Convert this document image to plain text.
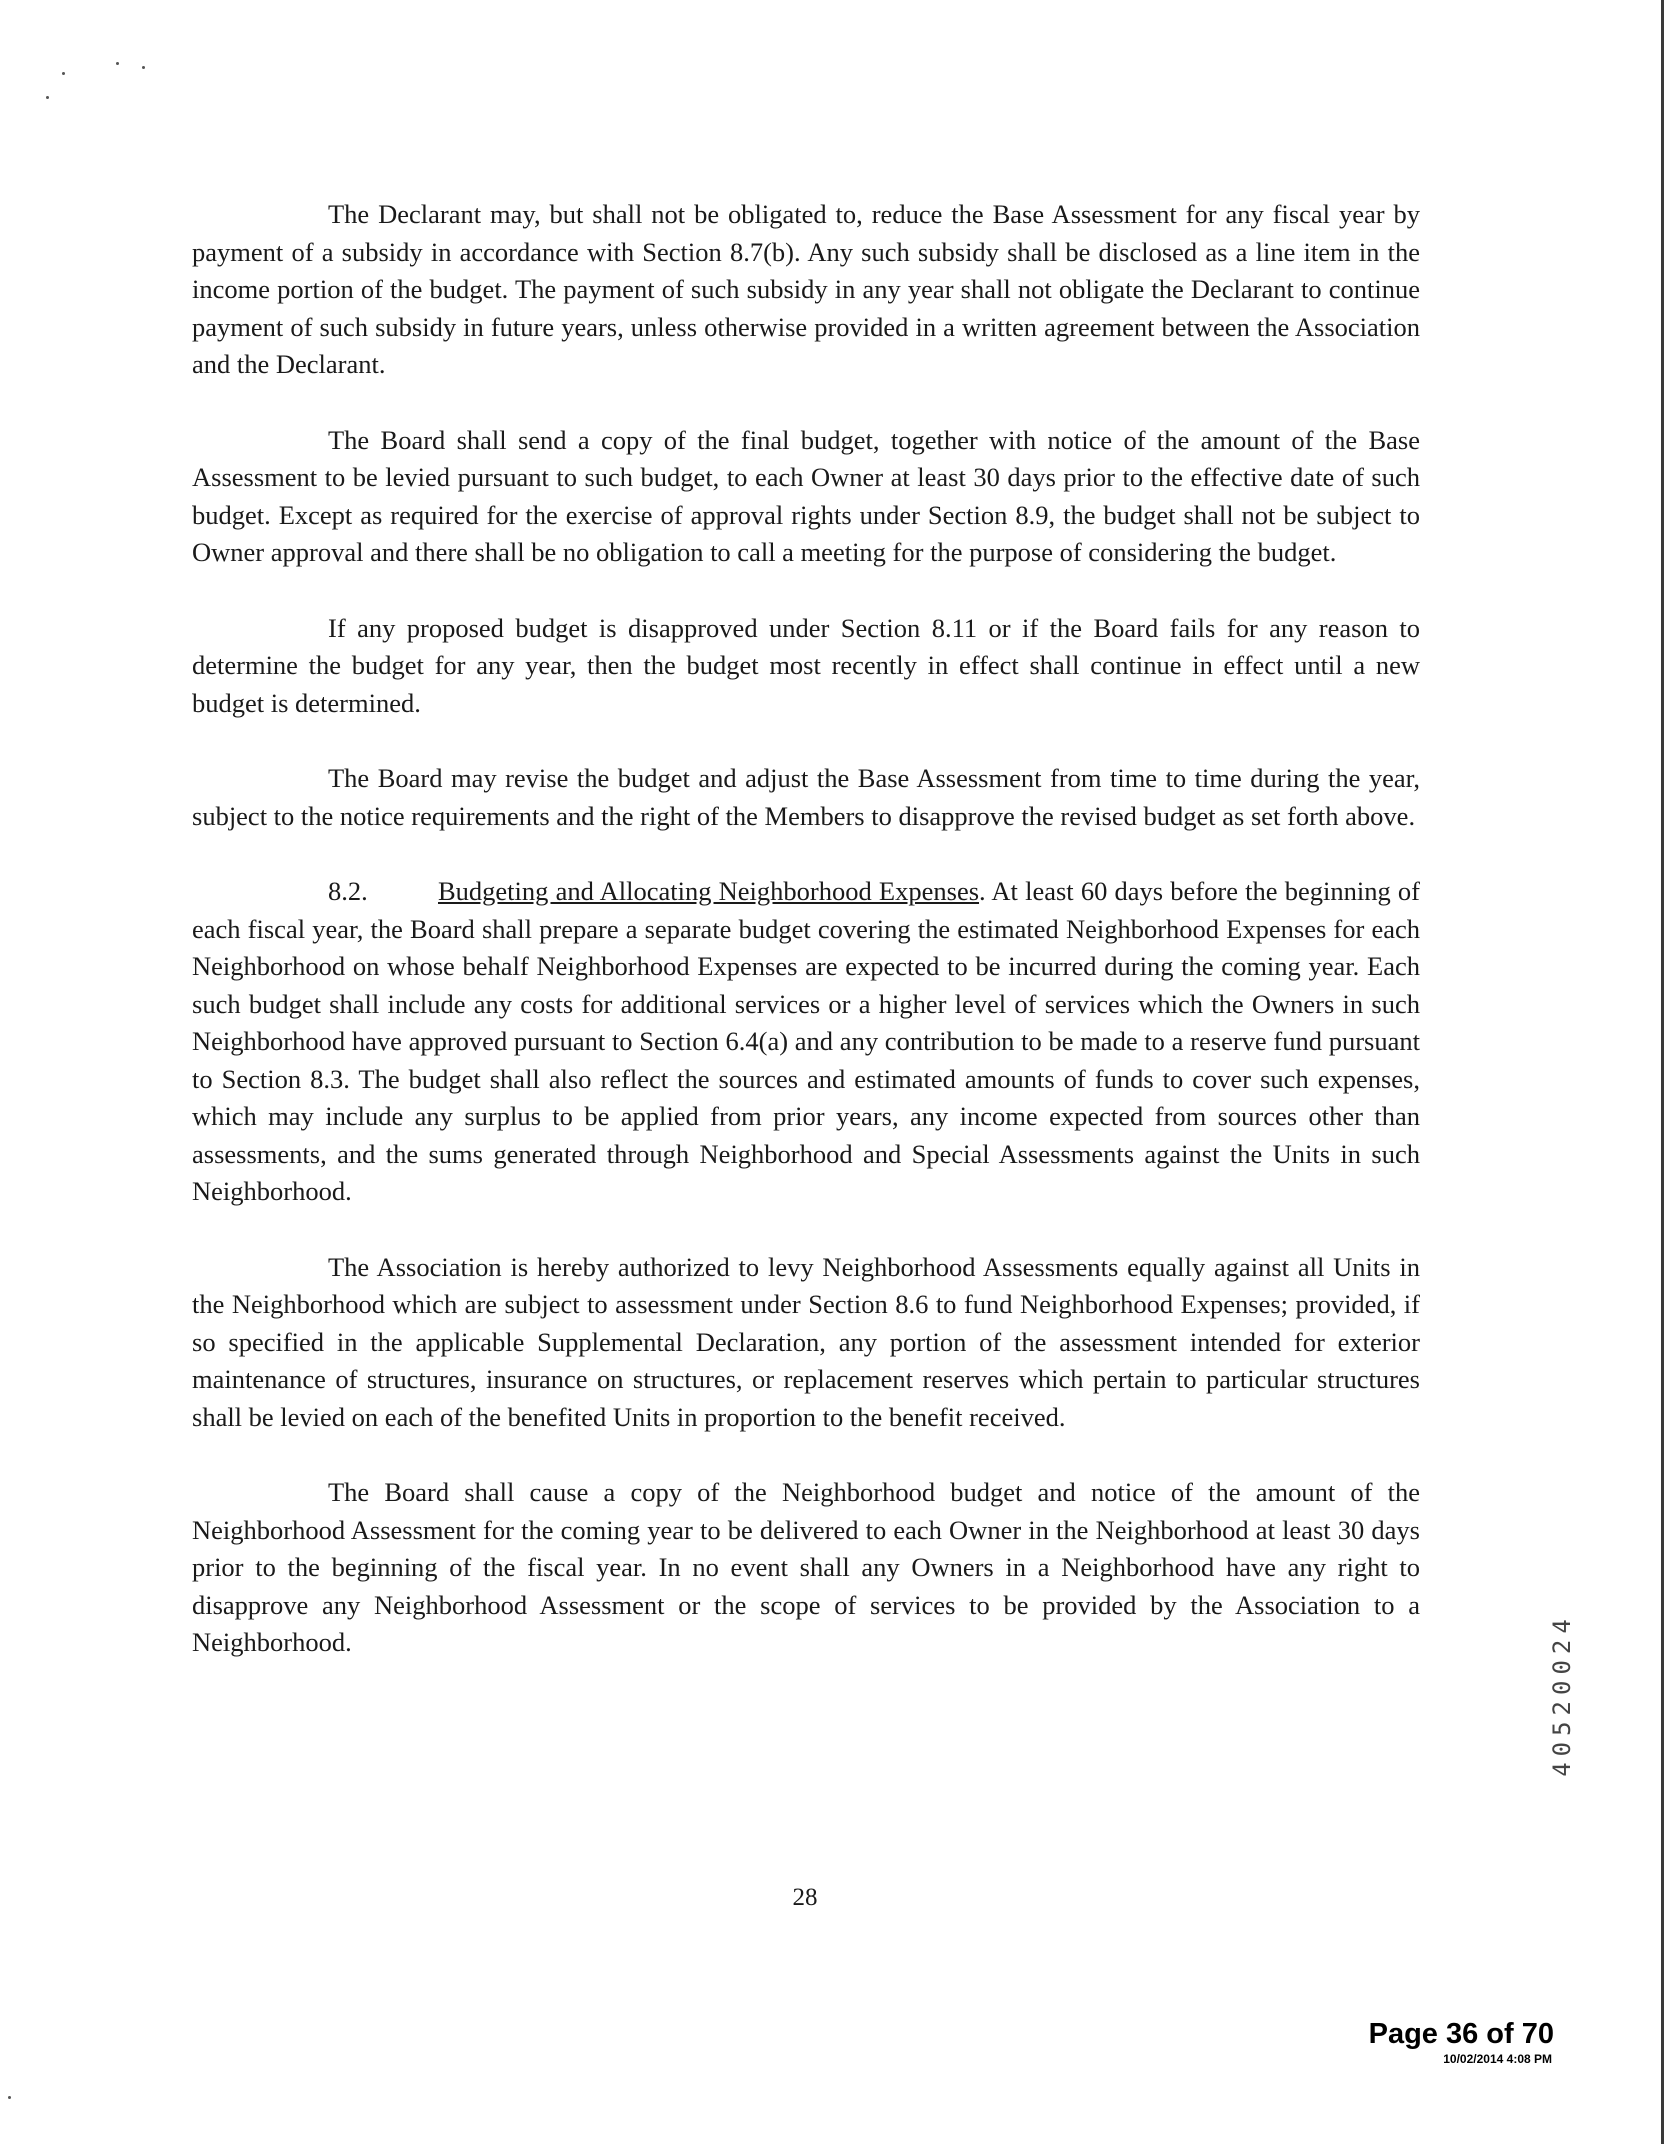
The Declarant may, but shall not be obligated to, reduce the Base Assessment for any fiscal year by payment of a subsidy in accordance with Section 8.7(b). Any such subsidy shall be disclosed as a line item in the income portion of the budget. The payment of such subsidy in any year shall not obligate the Declarant to continue payment of such subsidy in future years, unless otherwise provided in a written agreement between the Association and the Declarant.

The Board shall send a copy of the final budget, together with notice of the amount of the Base Assessment to be levied pursuant to such budget, to each Owner at least 30 days prior to the effective date of such budget. Except as required for the exercise of approval rights under Section 8.9, the budget shall not be subject to Owner approval and there shall be no obligation to call a meeting for the purpose of considering the budget.

If any proposed budget is disapproved under Section 8.11 or if the Board fails for any reason to determine the budget for any year, then the budget most recently in effect shall continue in effect until a new budget is determined.

The Board may revise the budget and adjust the Base Assessment from time to time during the year, subject to the notice requirements and the right of the Members to disapprove the revised budget as set forth above.

8.2.	Budgeting and Allocating Neighborhood Expenses. At least 60 days before the beginning of each fiscal year, the Board shall prepare a separate budget covering the estimated Neighborhood Expenses for each Neighborhood on whose behalf Neighborhood Expenses are expected to be incurred during the coming year. Each such budget shall include any costs for additional services or a higher level of services which the Owners in such Neighborhood have approved pursuant to Section 6.4(a) and any contribution to be made to a reserve fund pursuant to Section 8.3. The budget shall also reflect the sources and estimated amounts of funds to cover such expenses, which may include any surplus to be applied from prior years, any income expected from sources other than assessments, and the sums generated through Neighborhood and Special Assessments against the Units in such Neighborhood.

The Association is hereby authorized to levy Neighborhood Assessments equally against all Units in the Neighborhood which are subject to assessment under Section 8.6 to fund Neighborhood Expenses; provided, if so specified in the applicable Supplemental Declaration, any portion of the assessment intended for exterior maintenance of structures, insurance on structures, or replacement reserves which pertain to particular structures shall be levied on each of the benefited Units in proportion to the benefit received.

The Board shall cause a copy of the Neighborhood budget and notice of the amount of the Neighborhood Assessment for the coming year to be delivered to each Owner in the Neighborhood at least 30 days prior to the beginning of the fiscal year. In no event shall any Owners in a Neighborhood have any right to disapprove any Neighborhood Assessment or the scope of services to be provided by the Association to a Neighborhood.

28
40520024
Page 36 of 70
10/02/2014 4:08 PM
